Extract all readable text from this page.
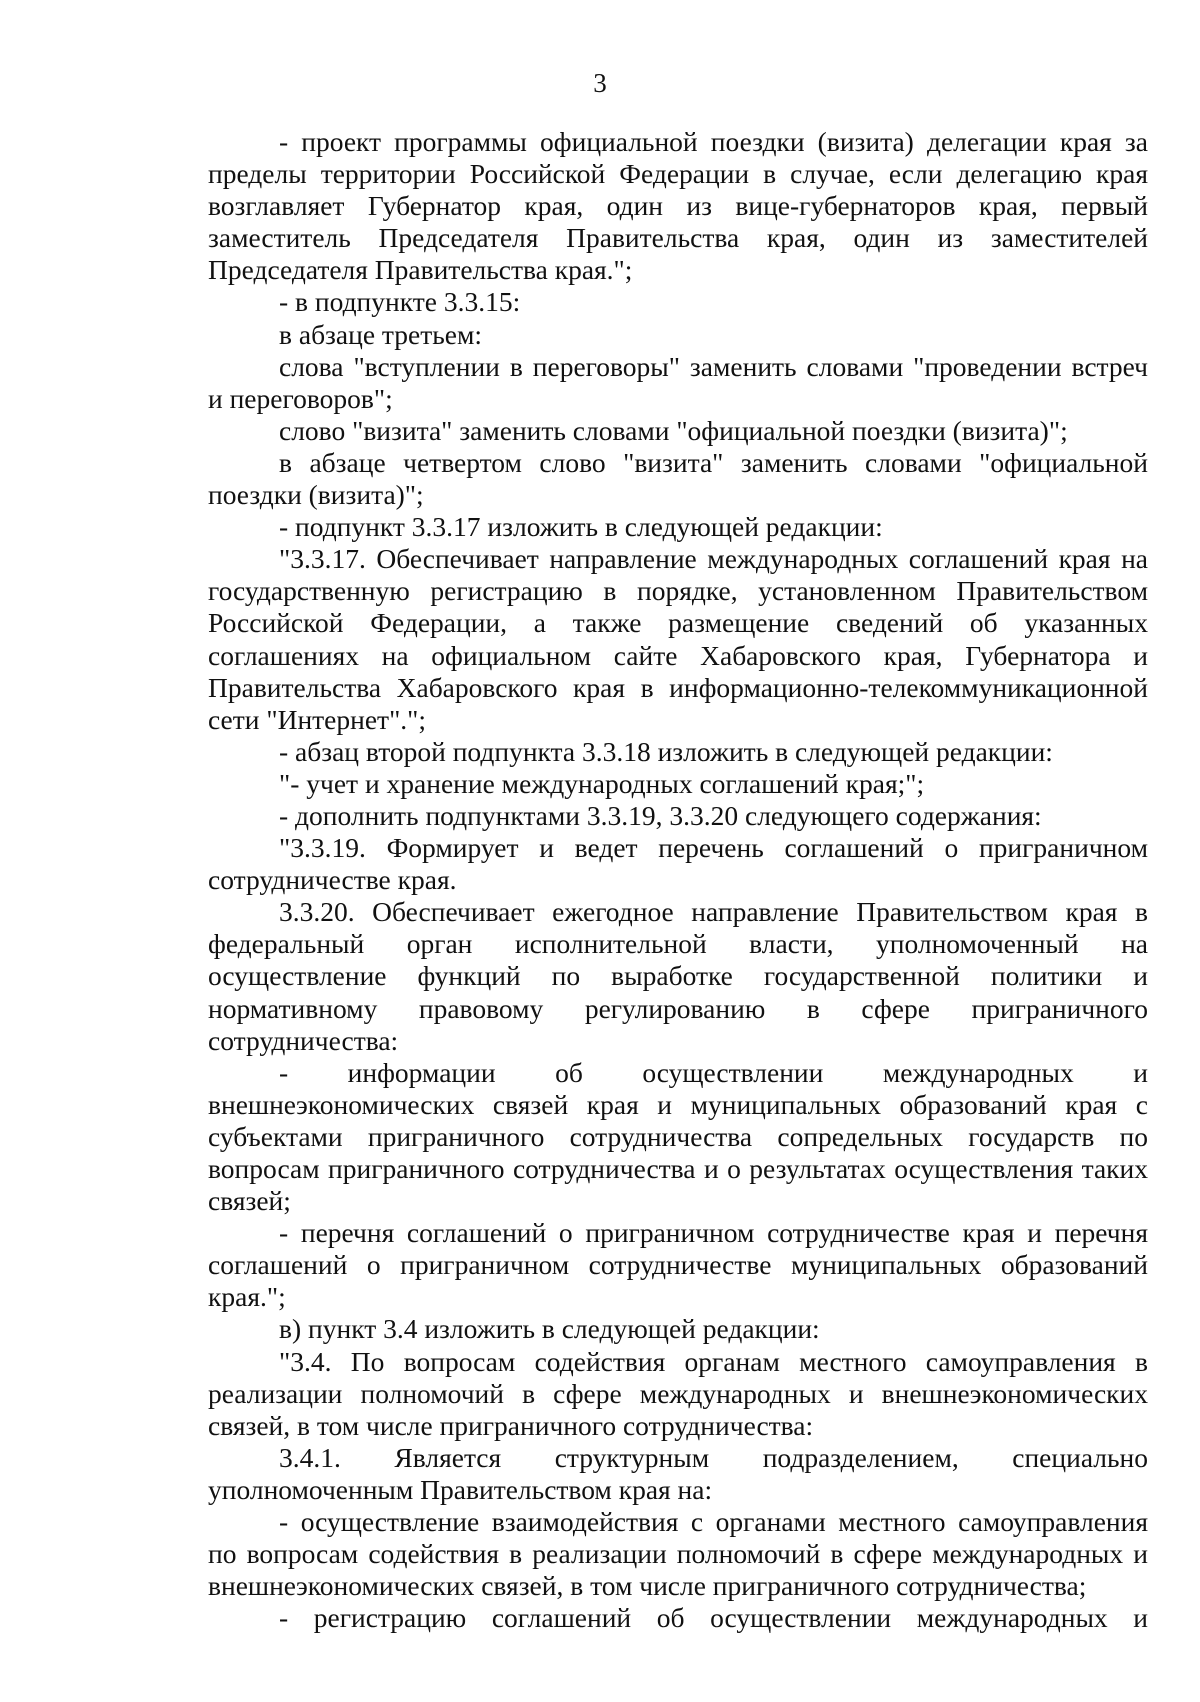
3

- проект программы официальной поездки (визита) делегации края за пределы территории Российской Федерации в случае, если делегацию края возглавляет Губернатор края, один из вице-губернаторов края, первый заместитель Председателя Правительства края, один из заместителей Председателя Правительства края.";

- в подпункте 3.3.15:

в абзаце третьем:

слова "вступлении в переговоры" заменить словами "проведении встреч и переговоров";

слово "визита" заменить словами "официальной поездки (визита)";

в абзаце четвертом слово "визита" заменить словами "официальной поездки (визита)";

- подпункт 3.3.17 изложить в следующей редакции:

"3.3.17. Обеспечивает направление международных соглашений края на государственную регистрацию в порядке, установленном Правительством Российской Федерации, а также размещение сведений об указанных соглашениях на официальном сайте Хабаровского края, Губернатора и Правительства Хабаровского края в информационно-телекоммуникационной сети "Интернет".";

- абзац второй подпункта 3.3.18 изложить в следующей редакции:

"- учет и хранение международных соглашений края;";

- дополнить подпунктами 3.3.19, 3.3.20 следующего содержания:

"3.3.19. Формирует и ведет перечень соглашений о приграничном сотрудничестве края.

3.3.20. Обеспечивает ежегодное направление Правительством края в федеральный орган исполнительной власти, уполномоченный на осуществление функций по выработке государственной политики и нормативному правовому регулированию в сфере приграничного сотрудничества:

- информации об осуществлении международных и внешнеэкономических связей края и муниципальных образований края с субъектами приграничного сотрудничества сопредельных государств по вопросам приграничного сотрудничества и о результатах осуществления таких связей;

- перечня соглашений о приграничном сотрудничестве края и перечня соглашений о приграничном сотрудничестве муниципальных образований края.";

в) пункт 3.4 изложить в следующей редакции:

"3.4. По вопросам содействия органам местного самоуправления в реализации полномочий в сфере международных и внешнеэкономических связей, в том числе приграничного сотрудничества:

3.4.1. Является структурным подразделением, специально уполномоченным Правительством края на:

- осуществление взаимодействия с органами местного самоуправления по вопросам содействия в реализации полномочий в сфере международных и внешнеэкономических связей, в том числе приграничного сотрудничества;

- регистрацию соглашений об осуществлении международных и
